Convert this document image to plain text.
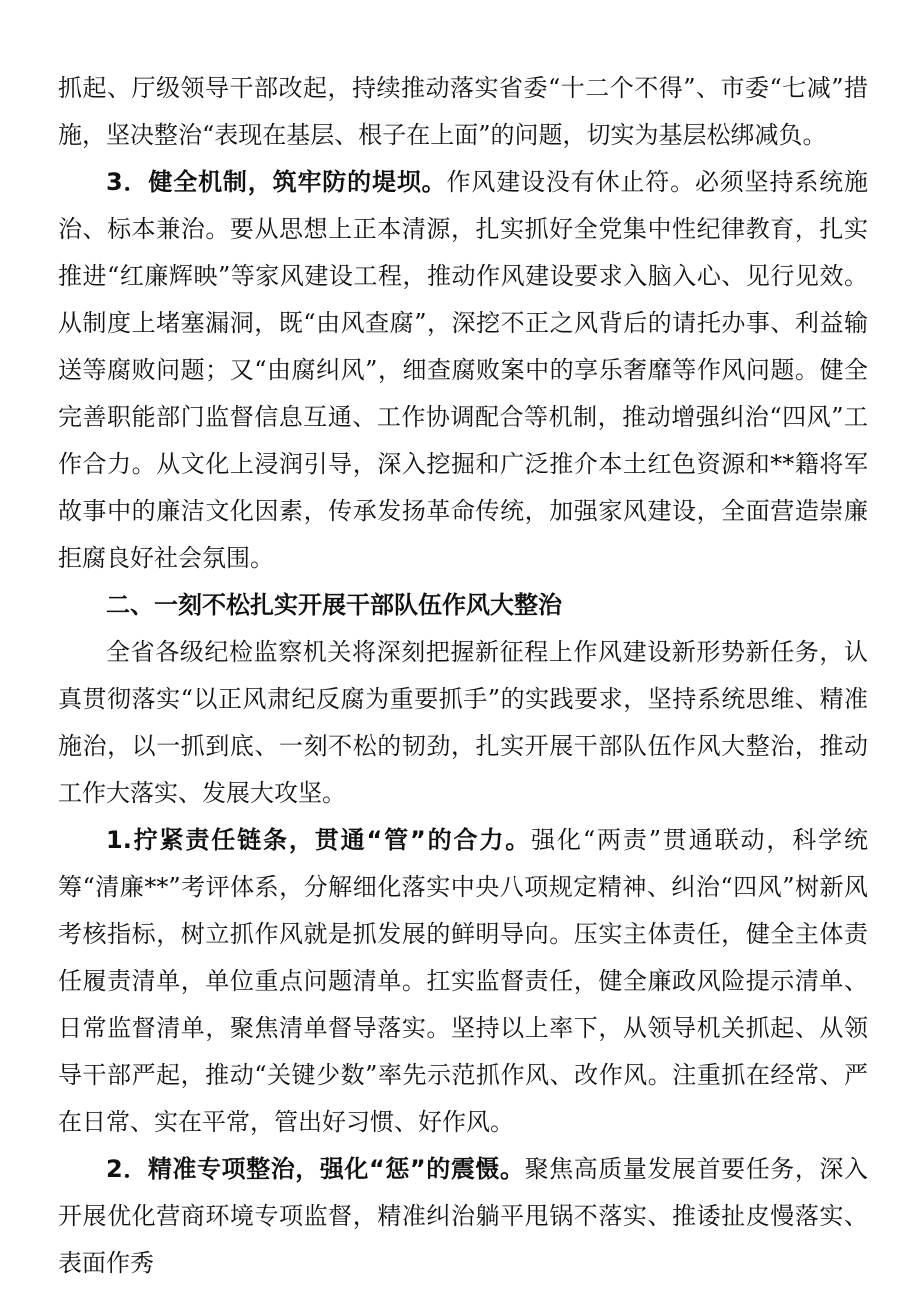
抓起、厅级领导干部改起，持续推动落实省委“十二个不得”、市委“七减”措施，坚决整治“表现在基层、根子在上面”的问题，切实为基层松绑减负。

3．健全机制，筑牢防的堤坝。作风建设没有休止符。必须坚持系统施治、标本兼治。要从思想上正本清源，扎实抓好全党集中性纪律教育，扎实推进“红廉辉映”等家风建设工程，推动作风建设要求入脑入心、见行见效。从制度上堵塞漏洞，既“由风查腐”，深挖不正之风背后的请托办事、利益输送等腐败问题；又“由腐纠风”，细查腐败案中的享乐奢靡等作风问题。健全完善职能部门监督信息互通、工作协调配合等机制，推动增强纠治“四风”工作合力。从文化上浸润引导，深入挖掘和广泛推介本土红色资源和**籍将军故事中的廉洁文化因素，传承发扬革命传统，加强家风建设，全面营造崇廉拒腐良好社会氛围。

二、一刻不松扎实开展干部队伍作风大整治

全省各级纪检监察机关将深刻把握新征程上作风建设新形势新任务，认真贯彻落实“以正风肃纪反腐为重要抓手”的实践要求，坚持系统思维、精准施治，以一抓到底、一刻不松的韧劲，扎实开展干部队伍作风大整治，推动工作大落实、发展大攻坚。

1.拧紧责任链条，贯通“管”的合力。强化“两责”贯通联动，科学统筹“清廉**”考评体系，分解细化落实中央八项规定精神、纠治“四风”树新风考核指标，树立抓作风就是抓发展的鲜明导向。压实主体责任，健全主体责任履责清单，单位重点问题清单。扛实监督责任，健全廉政风险提示清单、日常监督清单，聚焦清单督导落实。坚持以上率下，从领导机关抓起、从领导干部严起，推动“关键少数”率先示范抓作风、改作风。注重抓在经常、严在日常、实在平常，管出好习惯、好作风。

2．精准专项整治，强化“惩”的震慑。聚焦高质量发展首要任务，深入开展优化营商环境专项监督，精准纠治躺平甩锅不落实、推诿扯皮慢落实、表面作秀
